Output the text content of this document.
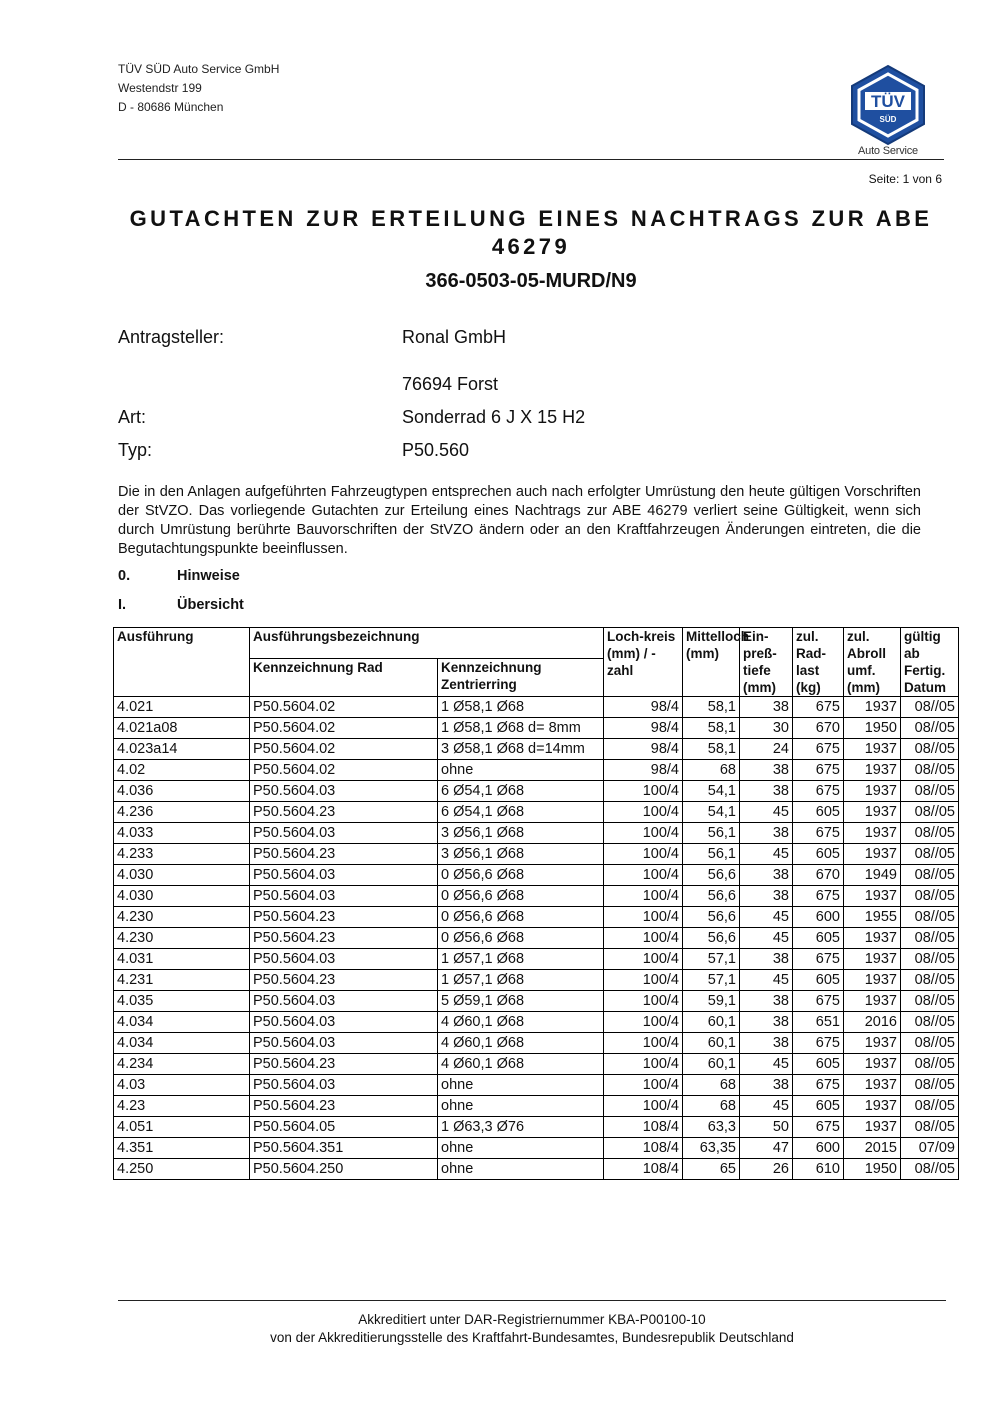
TÜV SÜD Auto Service GmbH
Westendstr 199
D - 80686 München	TÜV
SÜD
Auto Service
Seite: 1 von 6
GUTACHTEN ZUR ERTEILUNG EINES NACHTRAGS ZUR ABE 46279
366-0503-05-MURD/N9
Antragsteller:	Ronal GmbH
76694 Forst
Art:	Sonderrad 6 J X 15 H2
Typ:	P50.560
Die in den Anlagen aufgeführten Fahrzeugtypen entsprechen auch nach erfolgter Umrüstung den heute gültigen Vorschriften der StVZO. Das vorliegende Gutachten zur Erteilung eines Nachtrags zur ABE 46279 verliert seine Gültigkeit, wenn sich durch Umrüstung berührte Bauvorschriften der StVZO ändern oder an den Kraftfahrzeugen Änderungen eintreten, die die Begutachtungspunkte beeinflussen.
0.	Hinweise
I.	Übersicht
Ausführung	Ausführungsbezeichnung		Loch-kreis (mm) / -zahl	Mittelloch (mm)	Ein-preß-tiefe (mm)	zul. Rad-last (kg)	zul. Abroll umf. (mm)	gültig ab Fertig. Datum
	Kennzeichnung Rad	Kennzeichnung Zentrierring						
4.021	P50.5604.02	1 Ø58,1 Ø68	98/4	58,1	38	675	1937	08//05
4.021a08	P50.5604.02	1 Ø58,1 Ø68 d= 8mm	98/4	58,1	30	670	1950	08//05
4.023a14	P50.5604.02	3 Ø58,1 Ø68 d=14mm	98/4	58,1	24	675	1937	08//05
4.02	P50.5604.02	ohne	98/4	68	38	675	1937	08//05
4.036	P50.5604.03	6 Ø54,1 Ø68	100/4	54,1	38	675	1937	08//05
4.236	P50.5604.23	6 Ø54,1 Ø68	100/4	54,1	45	605	1937	08//05
4.033	P50.5604.03	3 Ø56,1 Ø68	100/4	56,1	38	675	1937	08//05
4.233	P50.5604.23	3 Ø56,1 Ø68	100/4	56,1	45	605	1937	08//05
4.030	P50.5604.03	0 Ø56,6 Ø68	100/4	56,6	38	670	1949	08//05
4.030	P50.5604.03	0 Ø56,6 Ø68	100/4	56,6	38	675	1937	08//05
4.230	P50.5604.23	0 Ø56,6 Ø68	100/4	56,6	45	600	1955	08//05
4.230	P50.5604.23	0 Ø56,6 Ø68	100/4	56,6	45	605	1937	08//05
4.031	P50.5604.03	1 Ø57,1 Ø68	100/4	57,1	38	675	1937	08//05
4.231	P50.5604.23	1 Ø57,1 Ø68	100/4	57,1	45	605	1937	08//05
4.035	P50.5604.03	5 Ø59,1 Ø68	100/4	59,1	38	675	1937	08//05
4.034	P50.5604.03	4 Ø60,1 Ø68	100/4	60,1	38	651	2016	08//05
4.034	P50.5604.03	4 Ø60,1 Ø68	100/4	60,1	38	675	1937	08//05
4.234	P50.5604.23	4 Ø60,1 Ø68	100/4	60,1	45	605	1937	08//05
4.03	P50.5604.03	ohne	100/4	68	38	675	1937	08//05
4.23	P50.5604.23	ohne	100/4	68	45	605	1937	08//05
4.051	P50.5604.05	1 Ø63,3 Ø76	108/4	63,3	50	675	1937	08//05
4.351	P50.5604.351	ohne	108/4	63,35	47	600	2015	07/09
4.250	P50.5604.250	ohne	108/4	65	26	610	1950	08//05
Akkreditiert unter DAR-Registriernummer KBA-P00100-10
von der Akkreditierungsstelle des Kraftfahrt-Bundesamtes, Bundesrepublik Deutschland
